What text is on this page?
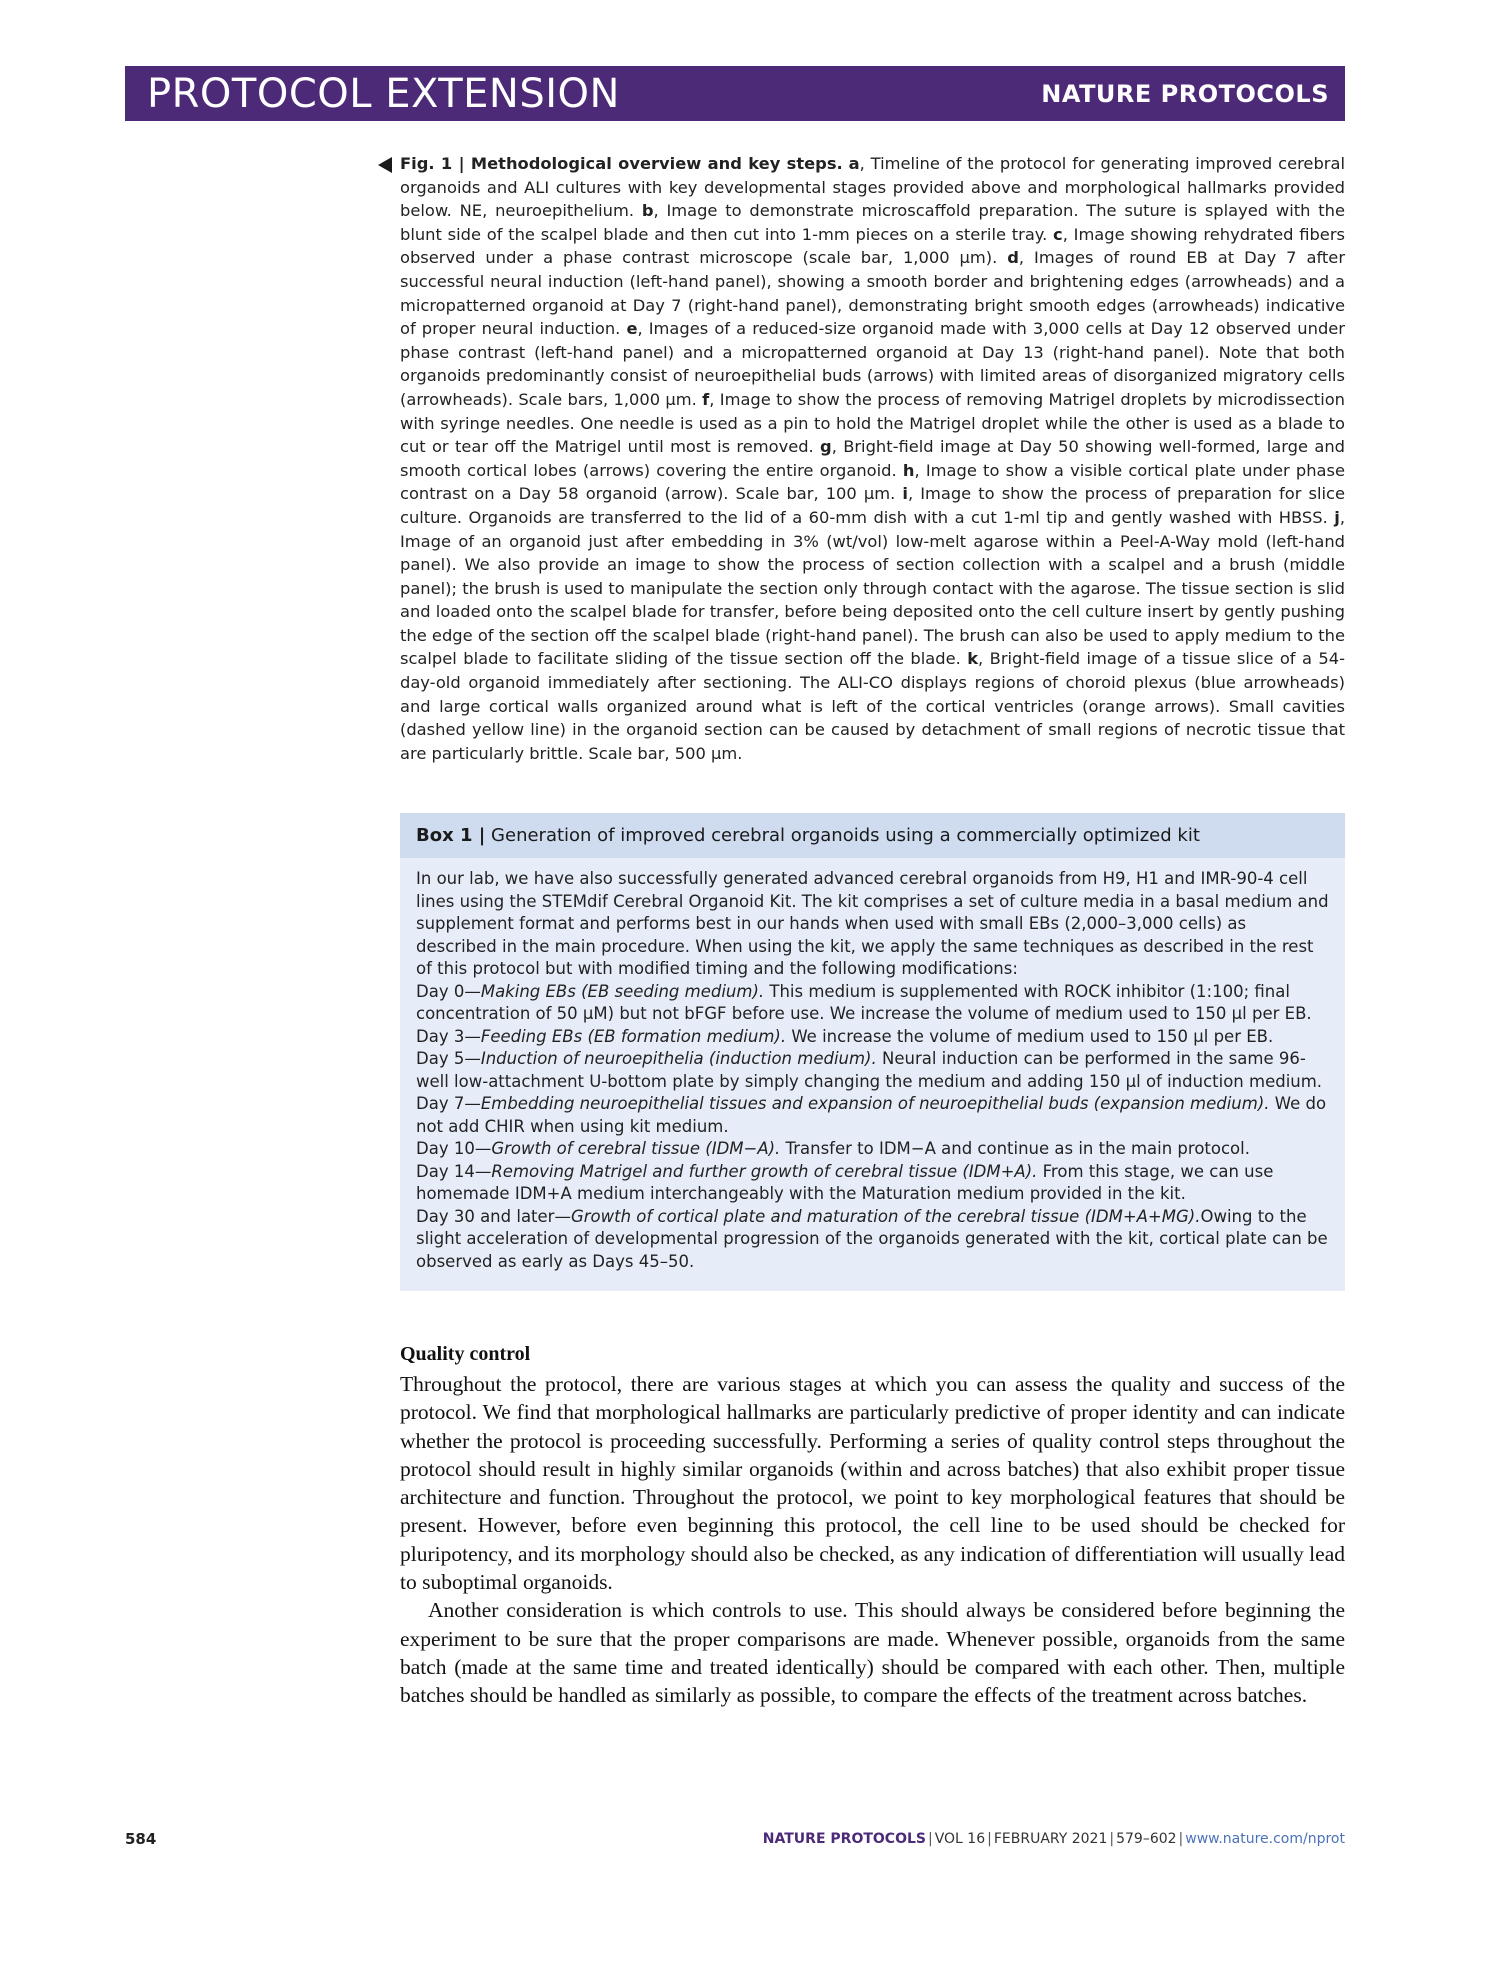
PROTOCOL EXTENSION	NATURE PROTOCOLS
Fig. 1 | Methodological overview and key steps. a, Timeline of the protocol for generating improved cerebral organoids and ALI cultures with key developmental stages provided above and morphological hallmarks provided below. NE, neuroepithelium. b, Image to demonstrate microscaffold preparation. The suture is splayed with the blunt side of the scalpel blade and then cut into 1-mm pieces on a sterile tray. c, Image showing rehydrated fibers observed under a phase contrast microscope (scale bar, 1,000 μm). d, Images of round EB at Day 7 after successful neural induction (left-hand panel), showing a smooth border and brightening edges (arrowheads) and a micropatterned organoid at Day 7 (right-hand panel), demonstrating bright smooth edges (arrowheads) indicative of proper neural induction. e, Images of a reduced-size organoid made with 3,000 cells at Day 12 observed under phase contrast (left-hand panel) and a micropatterned organoid at Day 13 (right-hand panel). Note that both organoids predominantly consist of neuroepithelial buds (arrows) with limited areas of disorganized migratory cells (arrowheads). Scale bars, 1,000 μm. f, Image to show the process of removing Matrigel droplets by microdissection with syringe needles. One needle is used as a pin to hold the Matrigel droplet while the other is used as a blade to cut or tear off the Matrigel until most is removed. g, Bright-field image at Day 50 showing well-formed, large and smooth cortical lobes (arrows) covering the entire organoid. h, Image to show a visible cortical plate under phase contrast on a Day 58 organoid (arrow). Scale bar, 100 μm. i, Image to show the process of preparation for slice culture. Organoids are transferred to the lid of a 60-mm dish with a cut 1-ml tip and gently washed with HBSS. j, Image of an organoid just after embedding in 3% (wt/vol) low-melt agarose within a Peel-A-Way mold (left-hand panel). We also provide an image to show the process of section collection with a scalpel and a brush (middle panel); the brush is used to manipulate the section only through contact with the agarose. The tissue section is slid and loaded onto the scalpel blade for transfer, before being deposited onto the cell culture insert by gently pushing the edge of the section off the scalpel blade (right-hand panel). The brush can also be used to apply medium to the scalpel blade to facilitate sliding of the tissue section off the blade. k, Bright-field image of a tissue slice of a 54-day-old organoid immediately after sectioning. The ALI-CO displays regions of choroid plexus (blue arrowheads) and large cortical walls organized around what is left of the cortical ventricles (orange arrows). Small cavities (dashed yellow line) in the organoid section can be caused by detachment of small regions of necrotic tissue that are particularly brittle. Scale bar, 500 μm.
Box 1 | Generation of improved cerebral organoids using a commercially optimized kit

In our lab, we have also successfully generated advanced cerebral organoids from H9, H1 and IMR-90-4 cell lines using the STEMdif Cerebral Organoid Kit. The kit comprises a set of culture media in a basal medium and supplement format and performs best in our hands when used with small EBs (2,000–3,000 cells) as described in the main procedure. When using the kit, we apply the same techniques as described in the rest of this protocol but with modified timing and the following modifications:

Day 0—Making EBs (EB seeding medium). This medium is supplemented with ROCK inhibitor (1:100; final concentration of 50 μM) but not bFGF before use. We increase the volume of medium used to 150 μl per EB.

Day 3—Feeding EBs (EB formation medium). We increase the volume of medium used to 150 μl per EB.

Day 5—Induction of neuroepithelia (induction medium). Neural induction can be performed in the same 96-well low-attachment U-bottom plate by simply changing the medium and adding 150 μl of induction medium.

Day 7—Embedding neuroepithelial tissues and expansion of neuroepithelial buds (expansion medium). We do not add CHIR when using kit medium.

Day 10—Growth of cerebral tissue (IDM−A). Transfer to IDM−A and continue as in the main protocol.

Day 14—Removing Matrigel and further growth of cerebral tissue (IDM+A). From this stage, we can use homemade IDM+A medium interchangeably with the Maturation medium provided in the kit.

Day 30 and later—Growth of cortical plate and maturation of the cerebral tissue (IDM+A+MG).Owing to the slight acceleration of developmental progression of the organoids generated with the kit, cortical plate can be observed as early as Days 45–50.

Quality control

Throughout the protocol, there are various stages at which you can assess the quality and success of the protocol. We find that morphological hallmarks are particularly predictive of proper identity and can indicate whether the protocol is proceeding successfully. Performing a series of quality control steps throughout the protocol should result in highly similar organoids (within and across batches) that also exhibit proper tissue architecture and function. Throughout the protocol, we point to key morphological features that should be present. However, before even beginning this protocol, the cell line to be used should be checked for pluripotency, and its morphology should also be checked, as any indication of differentiation will usually lead to suboptimal organoids.

Another consideration is which controls to use. This should always be considered before beginning the experiment to be sure that the proper comparisons are made. Whenever possible, organoids from the same batch (made at the same time and treated identically) should be compared with each other. Then, multiple batches should be handled as similarly as possible, to compare the effects of the treatment across batches.

584	NATURE PROTOCOLS | VOL 16 | FEBRUARY 2021 | 579–602 | www.nature.com/nprot
